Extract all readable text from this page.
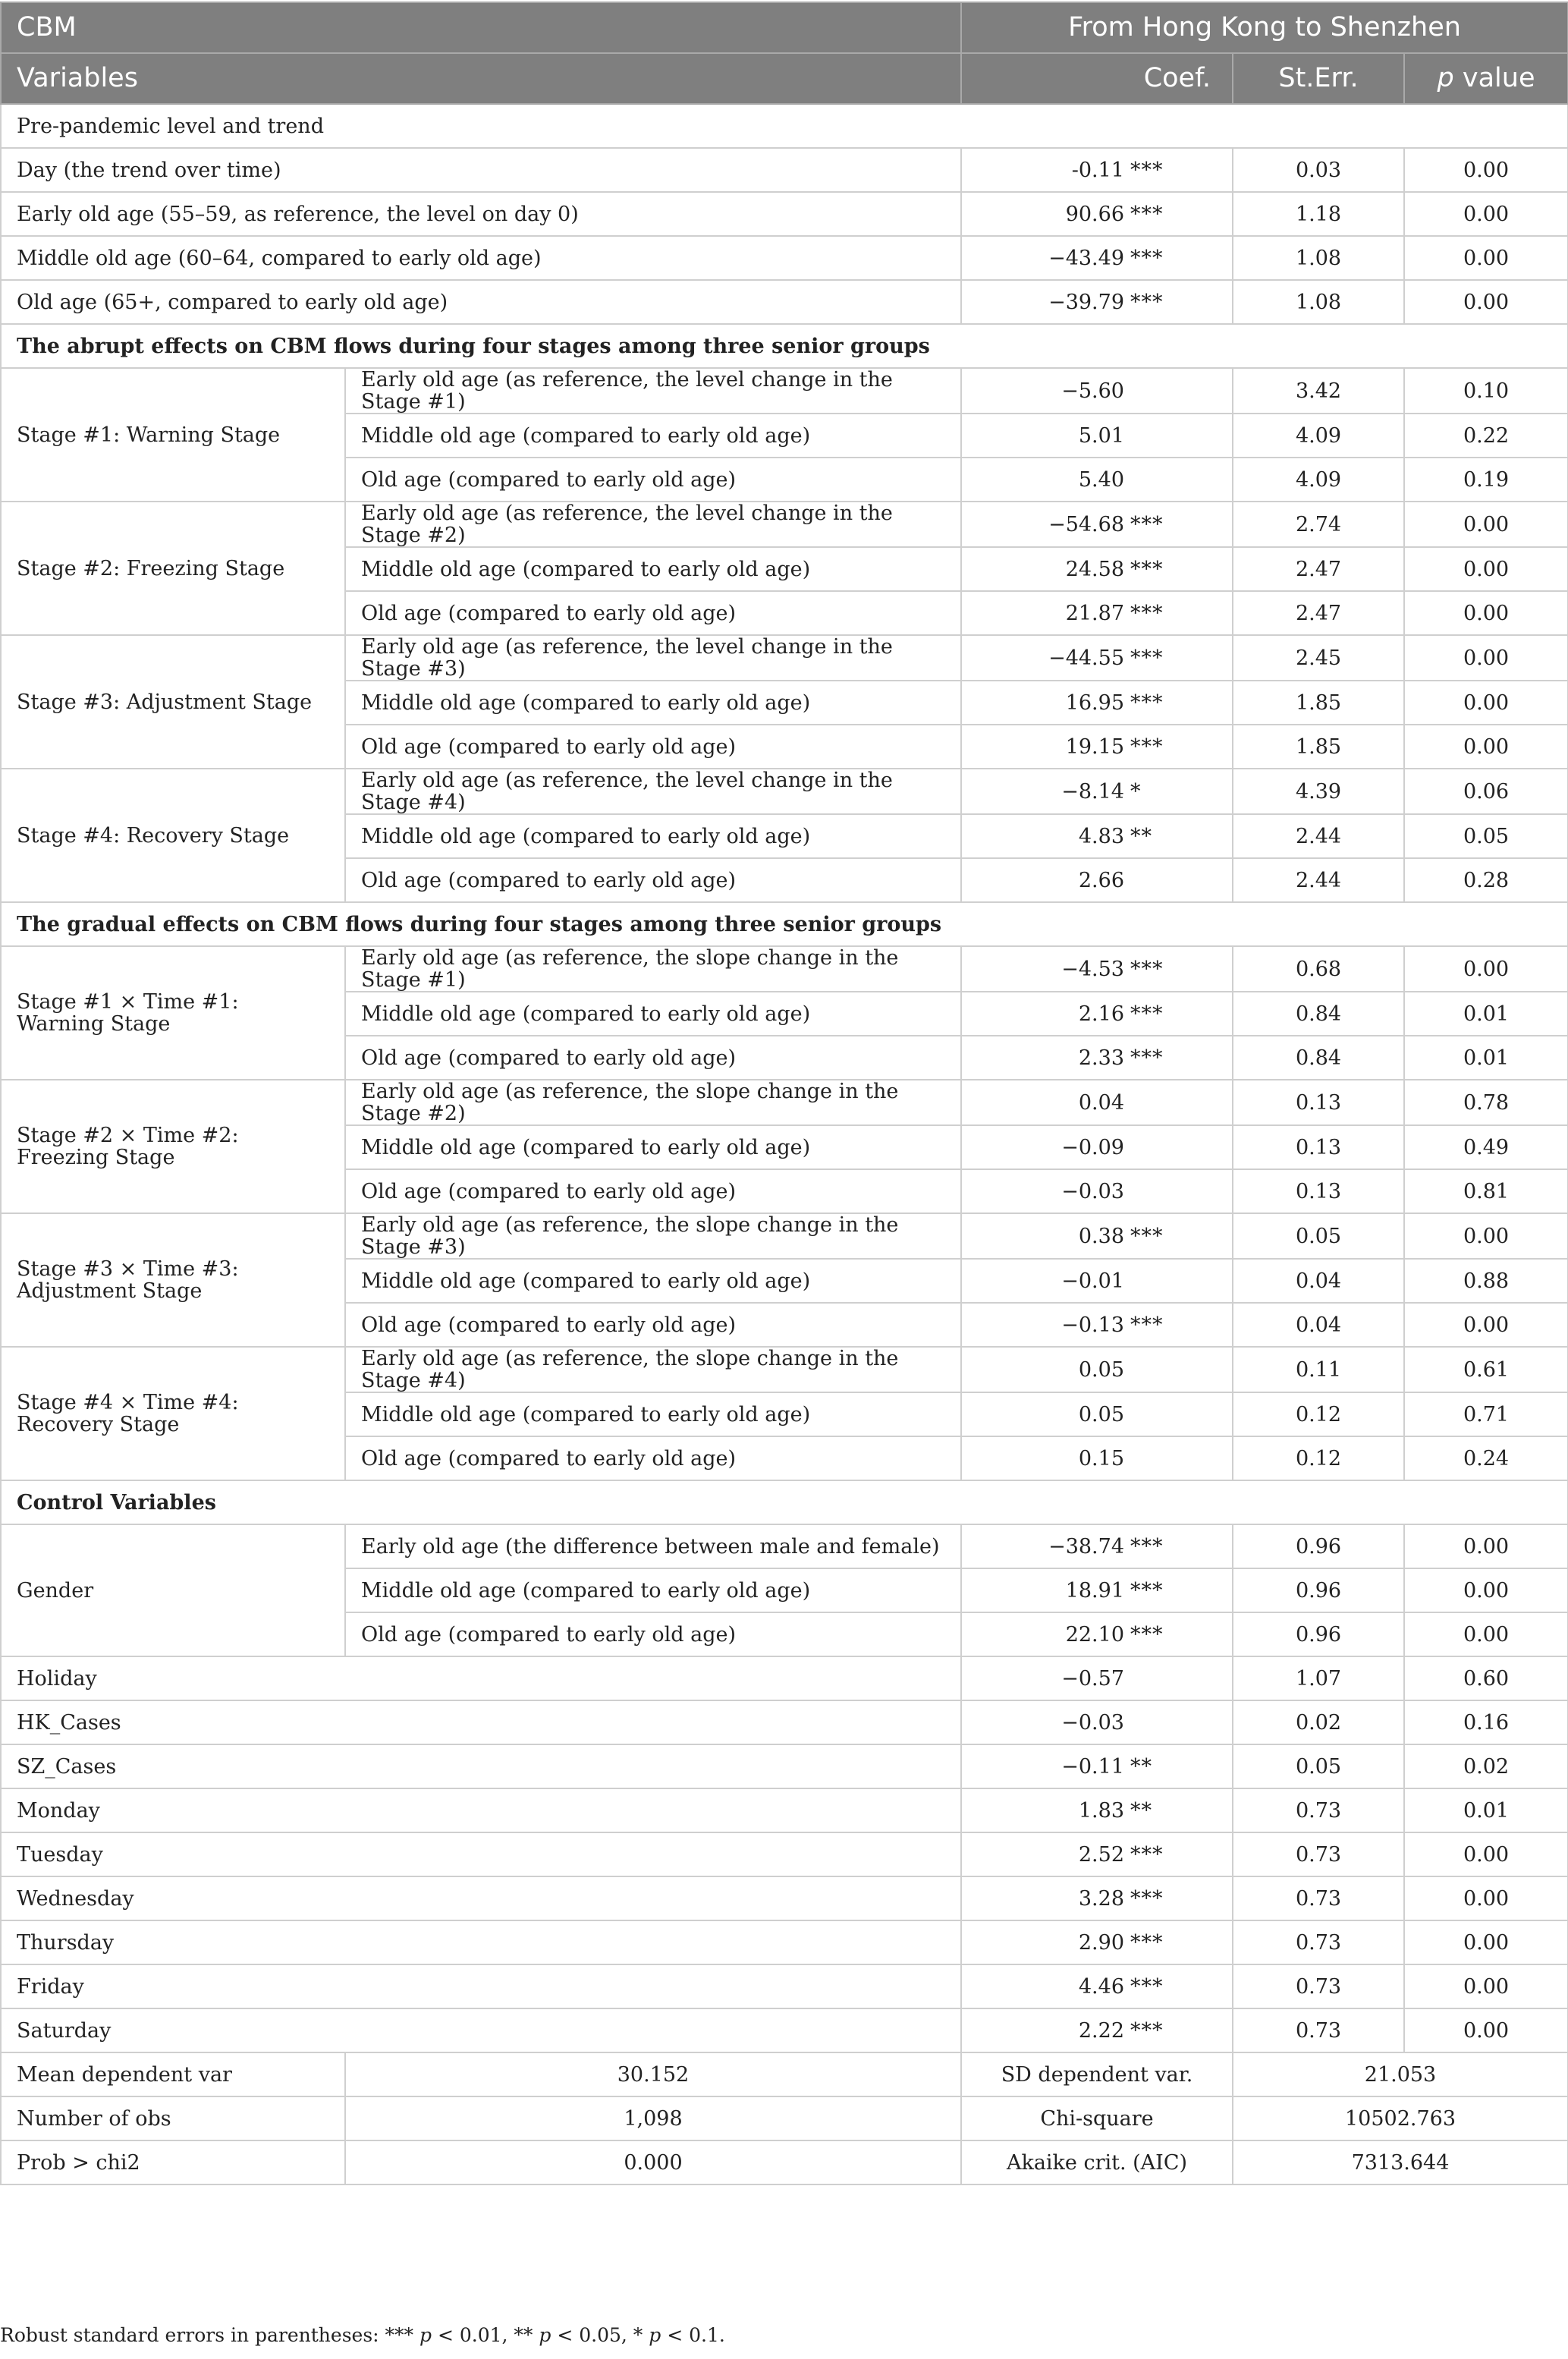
CBM		From Hong Kong to Shenzhen		
Variables		Coef.	St.Err.	p value
Pre-pandemic level and trend				
Day (the trend over time)		-0.11 ***	0.03	0.00
Early old age (55–59, as reference, the level on day 0)		90.66 ***	1.18	0.00
Middle old age (60–64, compared to early old age)		−43.49 ***	1.08	0.00
Old age (65+, compared to early old age)		−39.79 ***	1.08	0.00
The abrupt effects on CBM flows during four stages among three senior groups				
Stage #1: Warning Stage	Early old age (as reference, the level change in the Stage #1)	−5.60	3.42	0.10
	Middle old age (compared to early old age)	5.01	4.09	0.22
	Old age (compared to early old age)	5.40	4.09	0.19
Stage #2: Freezing Stage	Early old age (as reference, the level change in the Stage #2)	−54.68 ***	2.74	0.00
	Middle old age (compared to early old age)	24.58 ***	2.47	0.00
	Old age (compared to early old age)	21.87 ***	2.47	0.00
Stage #3: Adjustment Stage	Early old age (as reference, the level change in the Stage #3)	−44.55 ***	2.45	0.00
	Middle old age (compared to early old age)	16.95 ***	1.85	0.00
	Old age (compared to early old age)	19.15 ***	1.85	0.00
Stage #4: Recovery Stage	Early old age (as reference, the level change in the Stage #4)	−8.14 *	4.39	0.06
	Middle old age (compared to early old age)	4.83 **	2.44	0.05
	Old age (compared to early old age)	2.66	2.44	0.28
The gradual effects on CBM flows during four stages among three senior groups				
Stage #1 × Time #1: Warning Stage	Early old age (as reference, the slope change in the Stage #1)	−4.53 ***	0.68	0.00
	Middle old age (compared to early old age)	2.16 ***	0.84	0.01
	Old age (compared to early old age)	2.33 ***	0.84	0.01
Stage #2 × Time #2: Freezing Stage	Early old age (as reference, the slope change in the Stage #2)	0.04	0.13	0.78
	Middle old age (compared to early old age)	−0.09	0.13	0.49
	Old age (compared to early old age)	−0.03	0.13	0.81
Stage #3 × Time #3: Adjustment Stage	Early old age (as reference, the slope change in the Stage #3)	0.38 ***	0.05	0.00
	Middle old age (compared to early old age)	−0.01	0.04	0.88
	Old age (compared to early old age)	−0.13 ***	0.04	0.00
Stage #4 × Time #4: Recovery Stage	Early old age (as reference, the slope change in the Stage #4)	0.05	0.11	0.61
	Middle old age (compared to early old age)	0.05	0.12	0.71
	Old age (compared to early old age)	0.15	0.12	0.24
Control Variables				
Gender	Early old age (the difference between male and female)	−38.74 ***	0.96	0.00
	Middle old age (compared to early old age)	18.91 ***	0.96	0.00
	Old age (compared to early old age)	22.10 ***	0.96	0.00
Holiday		−0.57	1.07	0.60
HK_Cases		−0.03	0.02	0.16
SZ_Cases		−0.11 **	0.05	0.02
Monday		1.83 **	0.73	0.01
Tuesday		2.52 ***	0.73	0.00
Wednesday		3.28 ***	0.73	0.00
Thursday		2.90 ***	0.73	0.00
Friday		4.46 ***	0.73	0.00
Saturday		2.22 ***	0.73	0.00
Mean dependent var	30.152	SD dependent var.	21.053	
Number of obs	1,098	Chi-square	10502.763	
Prob > chi2	0.000	Akaike crit. (AIC)	7313.644	
Robust standard errors in parentheses: *** p < 0.01, ** p < 0.05, * p < 0.1.
